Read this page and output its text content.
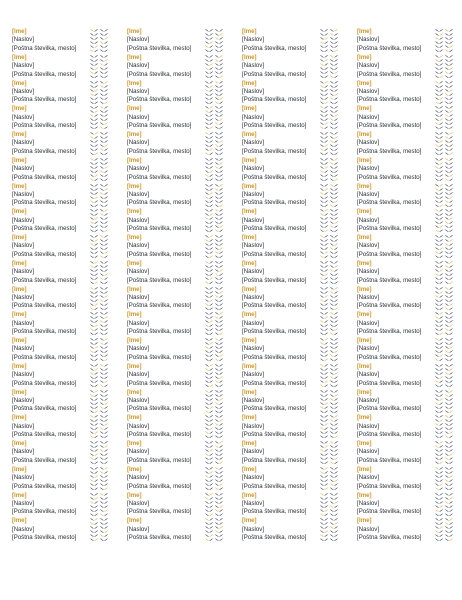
[Ime]
[Naslov]
[Poštna številka, mesto]
[Ime]
[Naslov]
[Poštna številka, mesto]
[Ime]
[Naslov]
[Poštna številka, mesto]
[Ime]
[Naslov]
[Poštna številka, mesto]
[Ime]
[Naslov]
[Poštna številka, mesto]
[Ime]
[Naslov]
[Poštna številka, mesto]
[Ime]
[Naslov]
[Poštna številka, mesto]
[Ime]
[Naslov]
[Poštna številka, mesto]
[Ime]
[Naslov]
[Poštna številka, mesto]
[Ime]
[Naslov]
[Poštna številka, mesto]
[Ime]
[Naslov]
[Poštna številka, mesto]
[Ime]
[Naslov]
[Poštna številka, mesto]
[Ime]
[Naslov]
[Poštna številka, mesto]
[Ime]
[Naslov]
[Poštna številka, mesto]
[Ime]
[Naslov]
[Poštna številka, mesto]
[Ime]
[Naslov]
[Poštna številka, mesto]
[Ime]
[Naslov]
[Poštna številka, mesto]
[Ime]
[Naslov]
[Poštna številka, mesto]
[Ime]
[Naslov]
[Poštna številka, mesto]
[Ime]
[Naslov]
[Poštna številka, mesto]
[Ime]
[Naslov]
[Poštna številka, mesto]
[Ime]
[Naslov]
[Poštna številka, mesto]
[Ime]
[Naslov]
[Poštna številka, mesto]
[Ime]
[Naslov]
[Poštna številka, mesto]
[Ime]
[Naslov]
[Poštna številka, mesto]
[Ime]
[Naslov]
[Poštna številka, mesto]
[Ime]
[Naslov]
[Poštna številka, mesto]
[Ime]
[Naslov]
[Poštna številka, mesto]
[Ime]
[Naslov]
[Poštna številka, mesto]
[Ime]
[Naslov]
[Poštna številka, mesto]
[Ime]
[Naslov]
[Poštna številka, mesto]
[Ime]
[Naslov]
[Poštna številka, mesto]
[Ime]
[Naslov]
[Poštna številka, mesto]
[Ime]
[Naslov]
[Poštna številka, mesto]
[Ime]
[Naslov]
[Poštna številka, mesto]
[Ime]
[Naslov]
[Poštna številka, mesto]
[Ime]
[Naslov]
[Poštna številka, mesto]
[Ime]
[Naslov]
[Poštna številka, mesto]
[Ime]
[Naslov]
[Poštna številka, mesto]
[Ime]
[Naslov]
[Poštna številka, mesto]
[Ime]
[Naslov]
[Poštna številka, mesto]
[Ime]
[Naslov]
[Poštna številka, mesto]
[Ime]
[Naslov]
[Poštna številka, mesto]
[Ime]
[Naslov]
[Poštna številka, mesto]
[Ime]
[Naslov]
[Poštna številka, mesto]
[Ime]
[Naslov]
[Poštna številka, mesto]
[Ime]
[Naslov]
[Poštna številka, mesto]
[Ime]
[Naslov]
[Poštna številka, mesto]
[Ime]
[Naslov]
[Poštna številka, mesto]
[Ime]
[Naslov]
[Poštna številka, mesto]
[Ime]
[Naslov]
[Poštna številka, mesto]
[Ime]
[Naslov]
[Poštna številka, mesto]
[Ime]
[Naslov]
[Poštna številka, mesto]
[Ime]
[Naslov]
[Poštna številka, mesto]
[Ime]
[Naslov]
[Poštna številka, mesto]
[Ime]
[Naslov]
[Poštna številka, mesto]
[Ime]
[Naslov]
[Poštna številka, mesto]
[Ime]
[Naslov]
[Poštna številka, mesto]
[Ime]
[Naslov]
[Poštna številka, mesto]
[Ime]
[Naslov]
[Poštna številka, mesto]
[Ime]
[Naslov]
[Poštna številka, mesto]
[Ime]
[Naslov]
[Poštna številka, mesto]
[Ime]
[Naslov]
[Poštna številka, mesto]
[Ime]
[Naslov]
[Poštna številka, mesto]
[Ime]
[Naslov]
[Poštna številka, mesto]
[Ime]
[Naslov]
[Poštna številka, mesto]
[Ime]
[Naslov]
[Poštna številka, mesto]
[Ime]
[Naslov]
[Poštna številka, mesto]
[Ime]
[Naslov]
[Poštna številka, mesto]
[Ime]
[Naslov]
[Poštna številka, mesto]
[Ime]
[Naslov]
[Poštna številka, mesto]
[Ime]
[Naslov]
[Poštna številka, mesto]
[Ime]
[Naslov]
[Poštna številka, mesto]
[Ime]
[Naslov]
[Poštna številka, mesto]
[Ime]
[Naslov]
[Poštna številka, mesto]
[Ime]
[Naslov]
[Poštna številka, mesto]
[Ime]
[Naslov]
[Poštna številka, mesto]
[Ime]
[Naslov]
[Poštna številka, mesto]
[Ime]
[Naslov]
[Poštna številka, mesto]
[Ime]
[Naslov]
[Poštna številka, mesto]
